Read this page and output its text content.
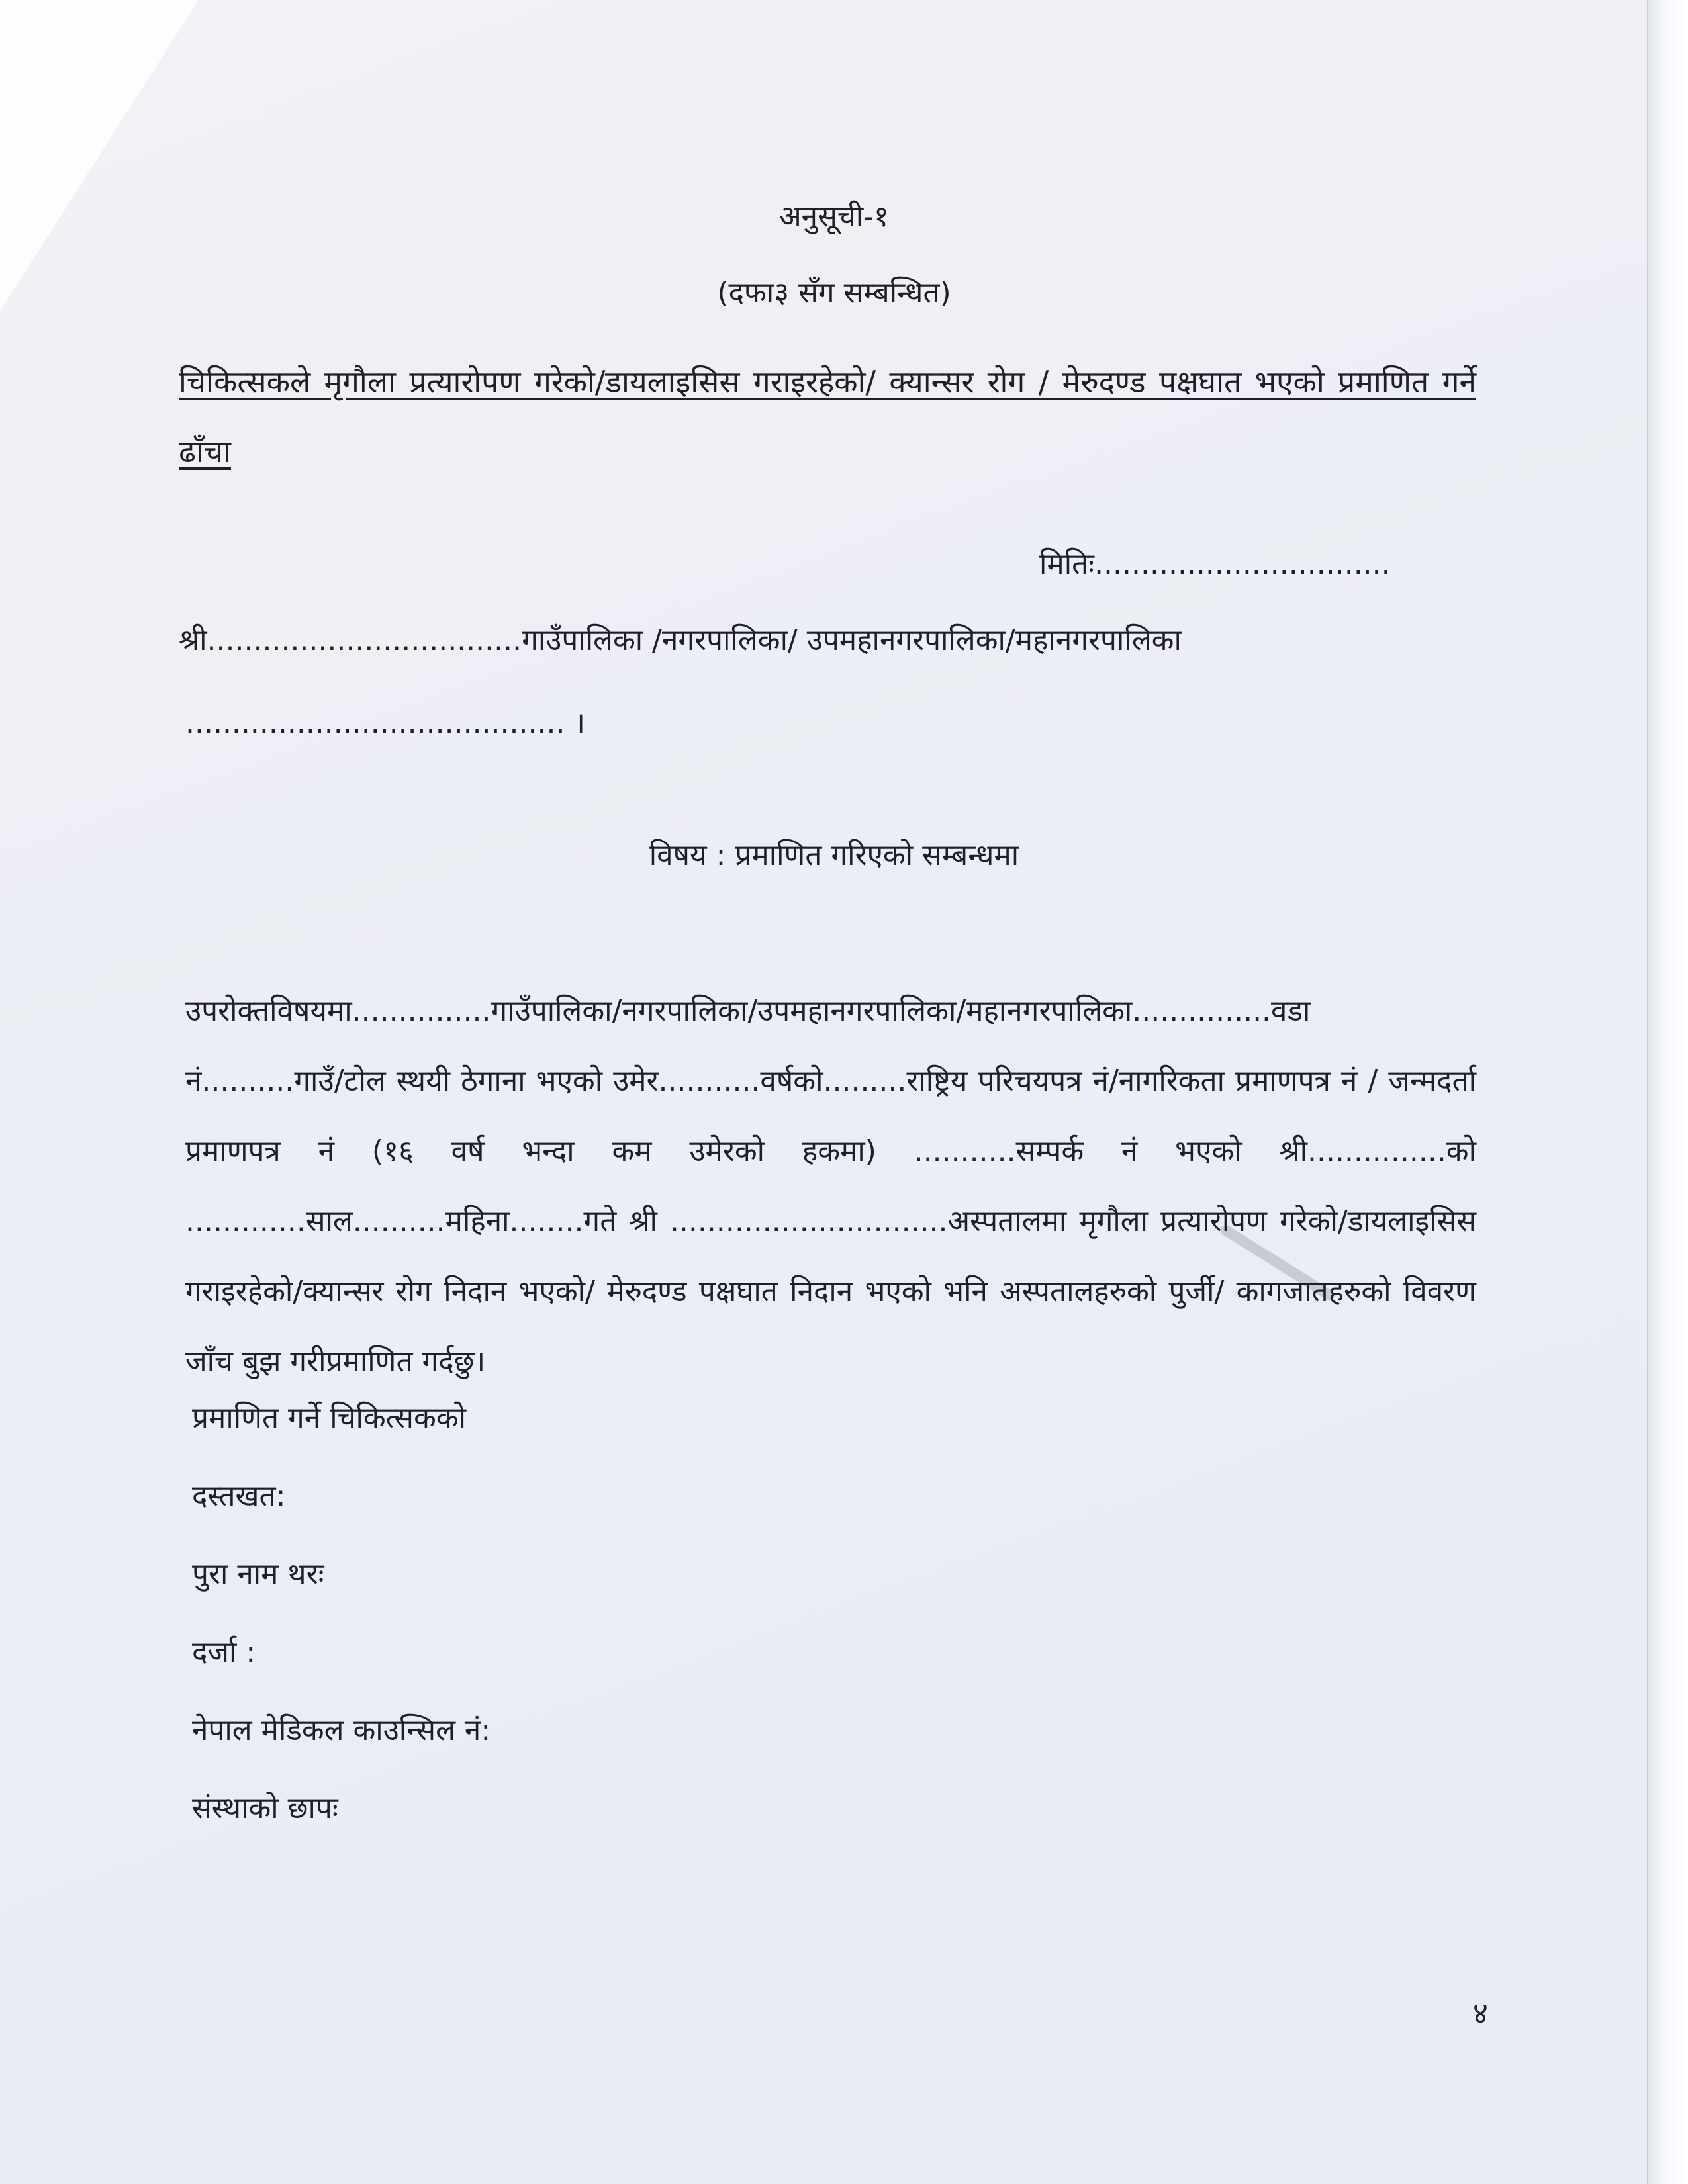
अनुसूची-१
(दफा३ सँग सम्बन्धित)
चिकित्सकले मृगौला प्रत्यारोपण गरेको/डायलाइसिस गराइरहेको/ क्यान्सर रोग / मेरुदण्ड पक्षघात भएको प्रमाणित गर्ने ढाँचा
मितिः................................
श्री..................................गाउँपालिका /नगरपालिका/ उपमहानगरपालिका/महानगरपालिका
......................................... ।
विषय : प्रमाणित गरिएको सम्बन्धमा
उपरोक्तविषयमा...............गाउँपालिका/नगरपालिका/उपमहानगरपालिका/महानगरपालिका...............वडा नं..........गाउँ/टोल स्थयी ठेगाना भएको उमेर...........वर्षको.........राष्ट्रिय परिचयपत्र नं/नागरिकता प्रमाणपत्र नं / जन्मदर्ता प्रमाणपत्र नं (१६ वर्ष भन्दा कम उमेरको हकमा) ...........सम्पर्क नं भएको श्री...............को .............साल..........महिना........गते श्री ..............................अस्पतालमा मृगौला प्रत्यारोपण गरेको/डायलाइसिस गराइरहेको/क्यान्सर रोग निदान भएको/ मेरुदण्ड पक्षघात निदान भएको भनि अस्पतालहरुको पुर्जी/ कागजातहरुको विवरण जाँच बुझ गरीप्रमाणित गर्दछु।
प्रमाणित गर्ने चिकित्सकको
दस्तखत:
पुरा नाम थरः
दर्जा :
नेपाल मेडिकल काउन्सिल नं:
संस्थाको छापः
४
